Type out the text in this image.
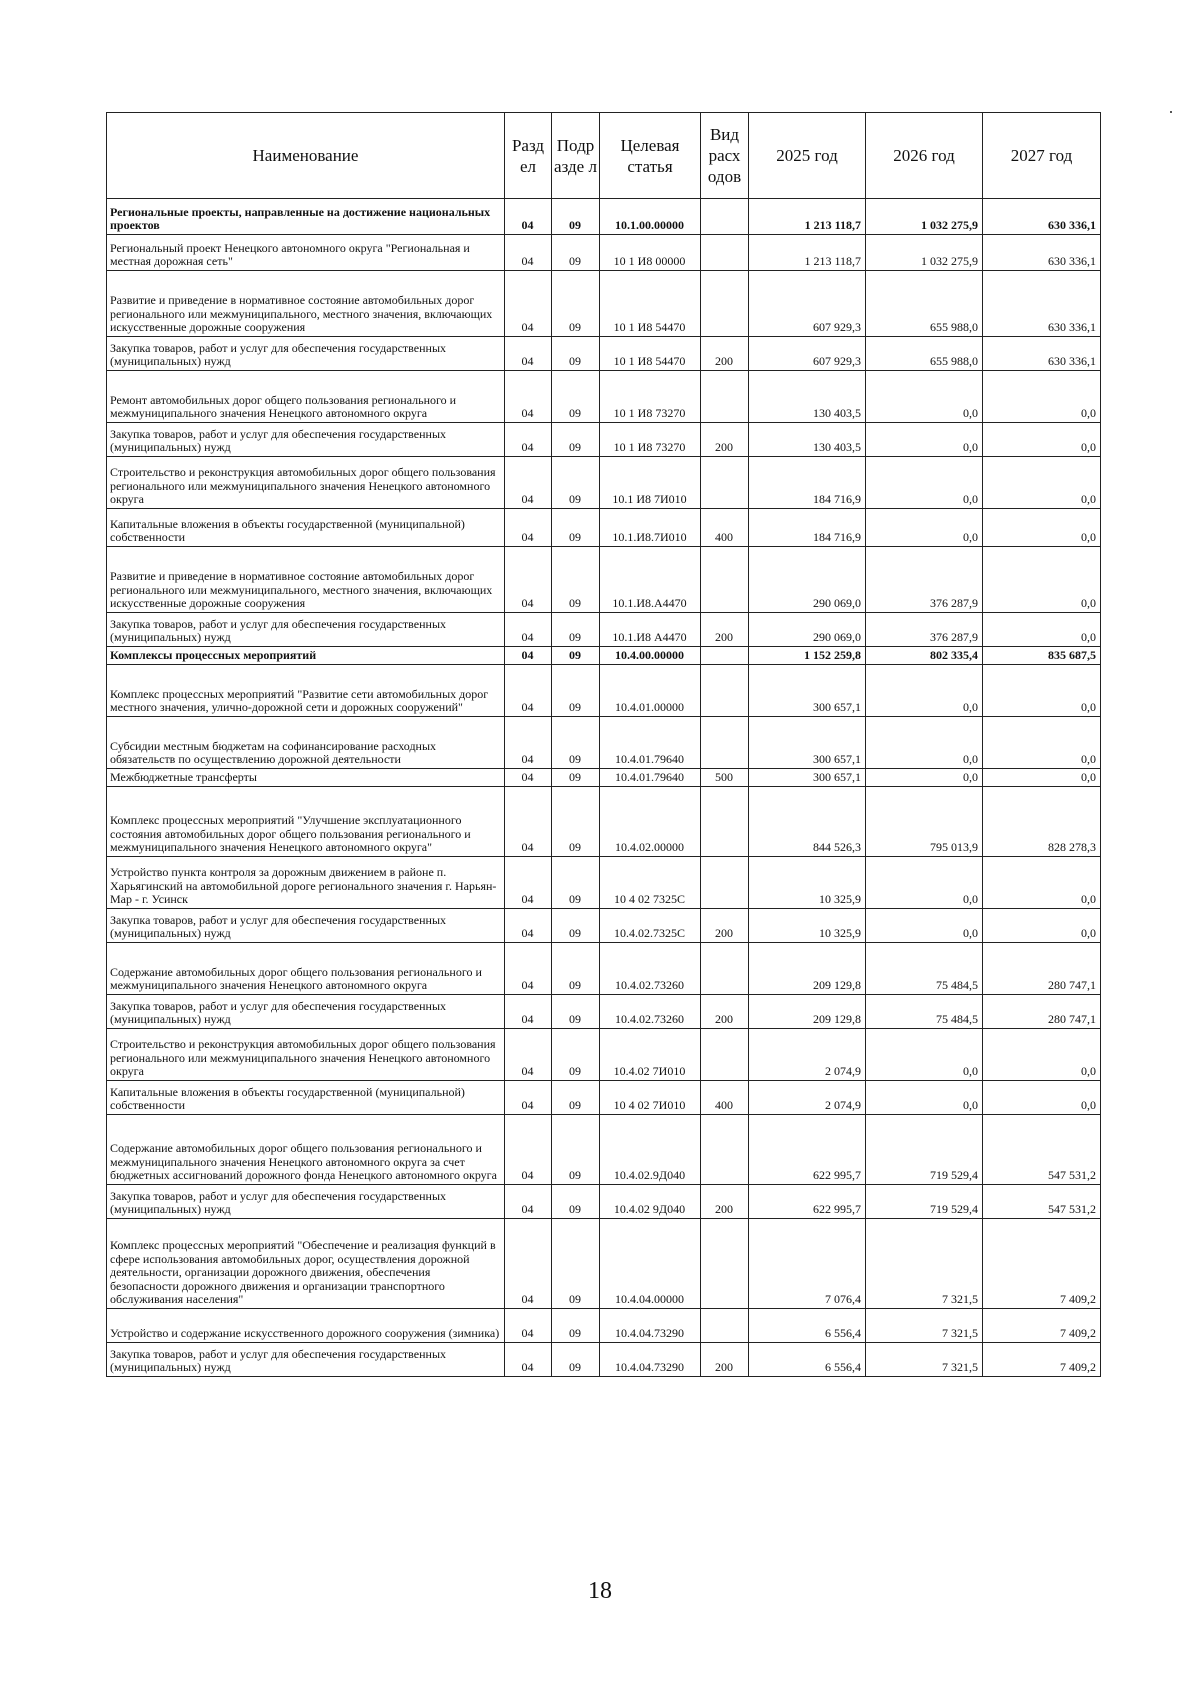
Наименование	Разд ел	Подр азде л	Целевая статья	Вид расх одов	2025 год	2026 год	2027 год
Региональные проекты, направленные на достижение национальных проектов	04	09	10.1.00.00000		1 213 118,7	1 032 275,9	630 336,1
Региональный проект Ненецкого автономного округа "Региональная и местная дорожная сеть"	04	09	10 1 И8 00000		1 213 118,7	1 032 275,9	630 336,1
Развитие и приведение в нормативное состояние автомобильных дорог регионального или межмуниципального, местного значения, включающих искусственные дорожные сооружения	04	09	10 1 И8 54470		607 929,3	655 988,0	630 336,1
Закупка товаров, работ и услуг для обеспечения государственных (муниципальных) нужд	04	09	10 1 И8 54470	200	607 929,3	655 988,0	630 336,1
Ремонт автомобильных дорог общего пользования регионального и межмуниципального значения Ненецкого автономного округа	04	09	10 1 И8 73270		130 403,5	0,0	0,0
Закупка товаров, работ и услуг для обеспечения государственных (муниципальных) нужд	04	09	10 1 И8 73270	200	130 403,5	0,0	0,0
Строительство и реконструкция автомобильных дорог общего пользования регионального или межмуниципального значения Ненецкого автономного округа	04	09	10.1 И8 7И010		184 716,9	0,0	0,0
Капитальные вложения в объекты государственной (муниципальной) собственности	04	09	10.1.И8.7И010	400	184 716,9	0,0	0,0
Развитие и приведение в нормативное состояние автомобильных дорог регионального или межмуниципального, местного значения, включающих искусственные дорожные сооружения	04	09	10.1.И8.А4470		290 069,0	376 287,9	0,0
Закупка товаров, работ и услуг для обеспечения государственных (муниципальных) нужд	04	09	10.1.И8 А4470	200	290 069,0	376 287,9	0,0
Комплексы процессных мероприятий	04	09	10.4.00.00000		1 152 259,8	802 335,4	835 687,5
Комплекс процессных мероприятий "Развитие сети автомобильных дорог местного значения, улично-дорожной сети и дорожных сооружений"	04	09	10.4.01.00000		300 657,1	0,0	0,0
Субсидии местным бюджетам на софинансирование расходных обязательств по осуществлению дорожной деятельности	04	09	10.4.01.79640		300 657,1	0,0	0,0
Межбюджетные трансферты	04	09	10.4.01.79640	500	300 657,1	0,0	0,0
Комплекс процессных мероприятий "Улучшение эксплуатационного состояния автомобильных дорог общего пользования регионального и межмуниципального значения Ненецкого автономного округа"	04	09	10.4.02.00000		844 526,3	795 013,9	828 278,3
Устройство пункта контроля за дорожным движением в районе п. Харьягинский на автомобильной дороге регионального значения г. Нарьян-Мар - г. Усинск	04	09	10 4 02 7325С		10 325,9	0,0	0,0
Закупка товаров, работ и услуг для обеспечения государственных (муниципальных) нужд	04	09	10.4.02.7325С	200	10 325,9	0,0	0,0
Содержание автомобильных дорог общего пользования регионального и межмуниципального значения Ненецкого автономного округа	04	09	10.4.02.73260		209 129,8	75 484,5	280 747,1
Закупка товаров, работ и услуг для обеспечения государственных (муниципальных) нужд	04	09	10.4.02.73260	200	209 129,8	75 484,5	280 747,1
Строительство и реконструкция автомобильных дорог общего пользования регионального или межмуниципального значения Ненецкого автономного округа	04	09	10.4.02 7И010		2 074,9	0,0	0,0
Капитальные вложения в объекты государственной (муниципальной) собственности	04	09	10 4 02 7И010	400	2 074,9	0,0	0,0
Содержание автомобильных дорог общего пользования регионального и межмуниципального значения Ненецкого автономного округа за счет бюджетных ассигнований дорожного фонда Ненецкого автономного округа	04	09	10.4.02.9Д040		622 995,7	719 529,4	547 531,2
Закупка товаров, работ и услуг для обеспечения государственных (муниципальных) нужд	04	09	10.4.02 9Д040	200	622 995,7	719 529,4	547 531,2
Комплекс процессных мероприятий "Обеспечение и реализация функций в сфере использования автомобильных дорог, осуществления дорожной деятельности, организации дорожного движения, обеспечения безопасности дорожного движения и организации транспортного обслуживания населения"	04	09	10.4.04.00000		7 076,4	7 321,5	7 409,2
Устройство и содержание искусственного дорожного сооружения (зимника)	04	09	10.4.04.73290		6 556,4	7 321,5	7 409,2
Закупка товаров, работ и услуг для обеспечения государственных (муниципальных) нужд	04	09	10.4.04.73290	200	6 556,4	7 321,5	7 409,2
18
